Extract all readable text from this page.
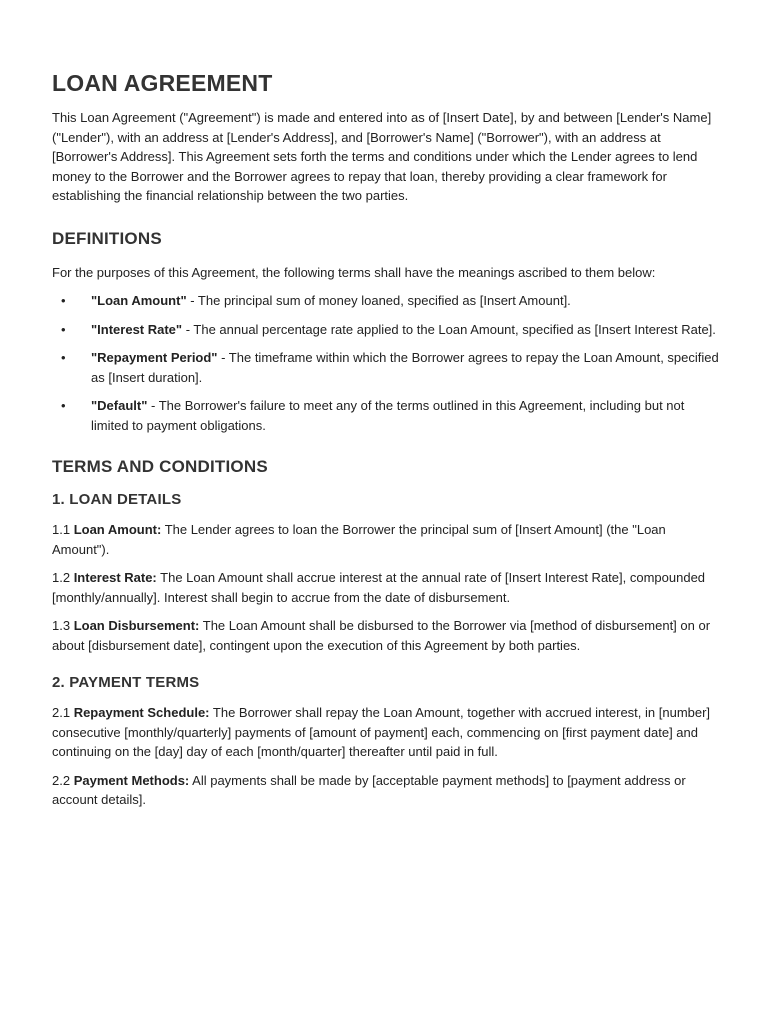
LOAN AGREEMENT

This Loan Agreement ("Agreement") is made and entered into as of [Insert Date], by and between [Lender's Name] ("Lender"), with an address at [Lender's Address], and [Borrower's Name] ("Borrower"), with an address at [Borrower's Address]. This Agreement sets forth the terms and conditions under which the Lender agrees to lend money to the Borrower and the Borrower agrees to repay that loan, thereby providing a clear framework for establishing the financial relationship between the two parties.

DEFINITIONS

For the purposes of this Agreement, the following terms shall have the meanings ascribed to them below:

• "Loan Amount" - The principal sum of money loaned, specified as [Insert Amount].
• "Interest Rate" - The annual percentage rate applied to the Loan Amount, specified as [Insert Interest Rate].
• "Repayment Period" - The timeframe within which the Borrower agrees to repay the Loan Amount, specified as [Insert duration].
• "Default" - The Borrower's failure to meet any of the terms outlined in this Agreement, including but not limited to payment obligations.
TERMS AND CONDITIONS
1. LOAN DETAILS

1.1 Loan Amount: The Lender agrees to loan the Borrower the principal sum of [Insert Amount] (the "Loan Amount").

1.2 Interest Rate: The Loan Amount shall accrue interest at the annual rate of [Insert Interest Rate], compounded [monthly/annually]. Interest shall begin to accrue from the date of disbursement.

1.3 Loan Disbursement: The Loan Amount shall be disbursed to the Borrower via [method of disbursement] on or about [disbursement date], contingent upon the execution of this Agreement by both parties.

2. PAYMENT TERMS

2.1 Repayment Schedule: The Borrower shall repay the Loan Amount, together with accrued interest, in [number] consecutive [monthly/quarterly] payments of [amount of payment] each, commencing on [first payment date] and continuing on the [day] day of each [month/quarter] thereafter until paid in full.

2.2 Payment Methods: All payments shall be made by [acceptable payment methods] to [payment address or account details].
